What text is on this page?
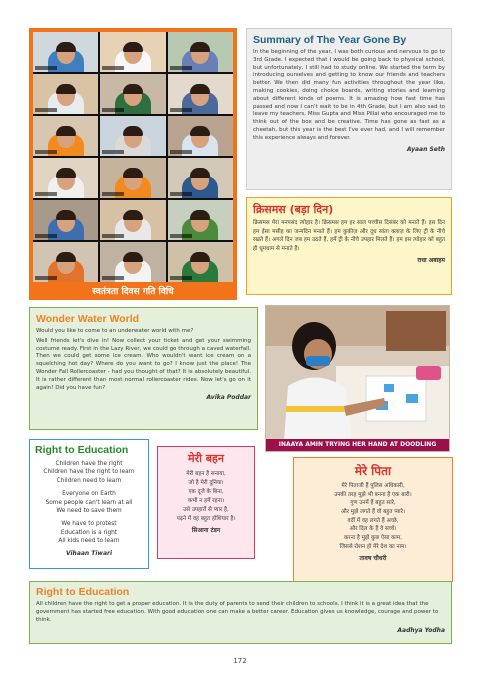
स्वतंत्रता दिवस गति विधि
Summary of The Year Gone By
In the beginning of the year, I was both curious and nervous to go to 3rd Grade. I expected that I would be going back to physical school, but unfortunately, I still had to study online. We started the term by introducing ourselves and getting to know our friends and teachers better. We then did many fun activities throughout the year like, making cookies, doing choice boards, writing stories and learning about different kinds of poems. It is amazing how fast time has passed and now I can't wait to be in 4th Grade, but I am also sad to leave my teachers, Miss Gupta and Miss Pillai who encouraged me to think out of the box and be creative. Time has gone as fast as a cheetah, but this year is the best I've ever had, and I will remember this experience always and forever.
Ayaan Seth
क्रिसमस (बड़ा दिन)
क्रिसमस मेरा मनपसंद त्योहार है। क्रिसमस हम हर साल पच्चीस दिसंबर को मनाते हैं। इस दिन हम ईसा मसीह का जन्मदिन मनाते हैं। हम कुकीज़ और दूध सांता क्लाज़ के लिए ट्री के नीचे रखते हैं। अगले दिन जब हम उठते हैं, हमें ट्री के नीचे उपहार मिलते हैं। हम इस त्योहार को बहुत ही धूमधाम से मनाते हैं।
राधा अबाहम
Wonder Water World
Would you like to come to an underwater world with me?
Well friends let's dive in! Now collect your ticket and get your swimming costume ready. First in the Lazy River, we could go through a caved waterfall. Then we could get some ice cream. Who wouldn't want ice cream on a squelching hot day? Where do you want to go? I know just the place! The Wonder Fall Rollercoaster - had you thought of that? It is absolutely beautiful. It is rather different than most normal rollercoaster rides. Now let's go on it again! Did you have fun?
Avika Poddar
INAAYA AMIN TRYING HER HAND AT DOODLING
Right to Education
Children have the right
Children have the right to learn
Children need to learn
Everyone on Earth
Some people can't learn at all
We need to save them
We have to protest
Education is a right
All kids need to learn
Vihaan Tiwari
मेरी बहन
मेरी बहन है सनाया,
जो है मेरी दुनिया।
एक दूजे के बिना,
कभी न हमें रहना।
उसे उपहारों से प्यार है,
पढ़ने में वह बहुत होशियार है।
सिआना टंडन
मेरे पिता
मेरे पिताजी हैं पुलिस अधिकारी,
उनकी तरह मुझे भी बनना है एक बारी।
गुण उनमें हैं बहुत सारे,
और मुझे लगते हैं वो बहुत प्यारे।
वर्दी में वह लगते हैं अच्छे,
और दिल के हैं वे सच्चे।
करना है मुझे कुछ ऐसा काम,
जिससे रोशन हो मेरे देश का नाम।
तावष चौधरी
Right to Education
All children have the right to get a proper education. It is the duty of parents to send their children to schools. I think it is a great idea that the government has started free education. With good education one can make a better career. Education gives us knowledge, courage and power to think.
Aadhya Yodha
172
